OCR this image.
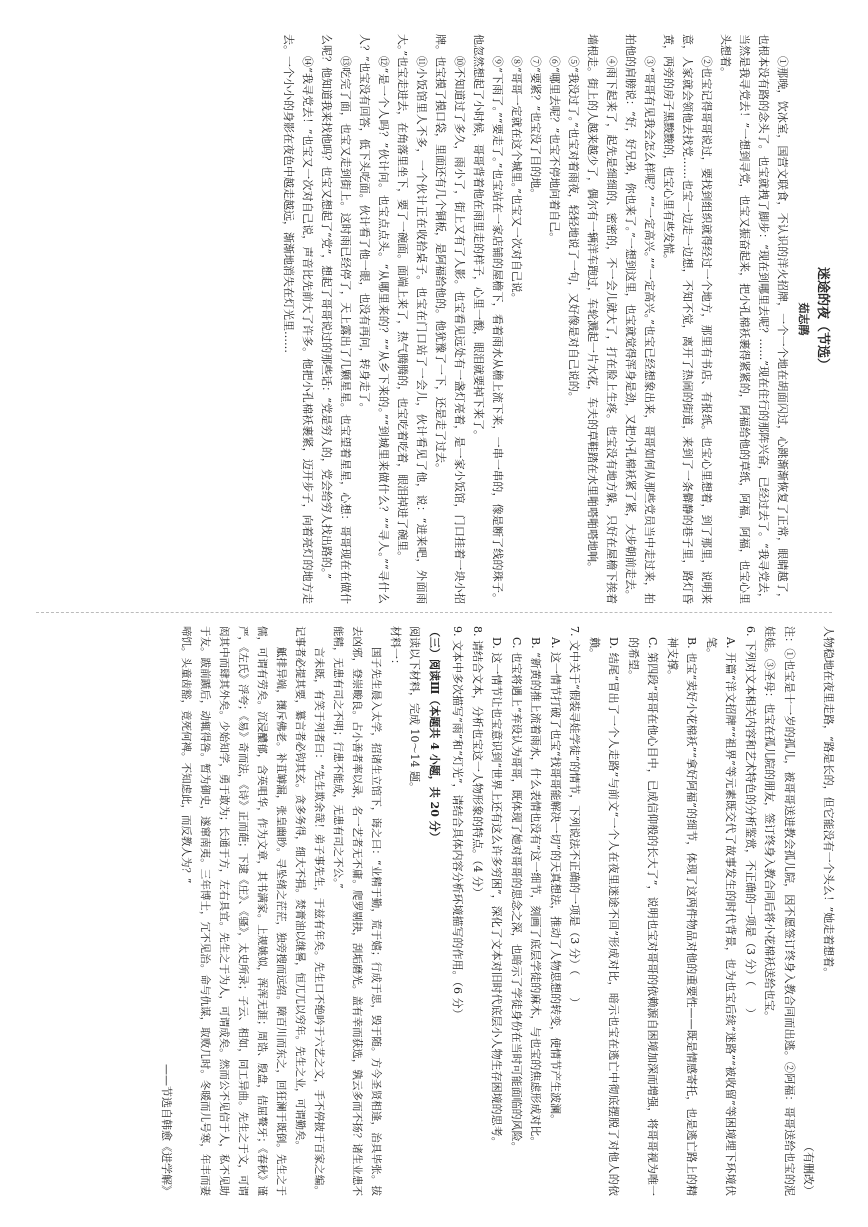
迷途的夜（节选）
茹志鹃

①那晚，饮冰室，国营文联食，不认识的洋火招牌，一个一个地在胡面闪过，心跳渐渐恢复了正常，眼睛越了，也根本没有路的念头了。也宝就拽了脚步：“现在到哪里去呢？……”现在住行的那阵兴奋，已经过去了。“我寻党去，当然是我寻党去！”一想到寻党，也宝又振奋起来，把小孔棉袄裹得紧紧的，阿福给他的草纸，阿福，阿福，也宝心里头想着。

②也宝记得哥哥说过，要找到组织就得经过一个地方，那里有书店、有报纸。也宝心里想着，到了那里，说明来意，人家就会领他去找党……也宝一边走一边想，不知不觉，离开了热闹的街道，来到了一条僻静的巷子里，路灯昏黄，两旁的房子黑黢黢的，也宝心里有些发慌。

③“哥哥有见我会怎么样呢？”“一定高兴。”“一定高兴。”也宝已经想象出来，哥哥如何从那些党员当中走过来，拍拍他的肩膀说：“好，好兄弟，你也来了。”一想到这里，也宝就觉得浑身是劲，又把小孔棉袄紧了紧，大步朝前走去。

④雨下起来了，起先是细细的、密密的，不一会儿就大了，打在脸上生疼。也宝没有地方躲，只好在屋檐下挨着墙根走。街上的人越来越少了，偶尔有一辆洋车跑过，车轮溅起一片水花，车夫的草鞋踏在水里啪嗒啪嗒地响。

⑤“我没过了。”也宝对着雨夜，轻轻地说了一句，又好像是对自己说的。

⑥“哪里去呢？”也宝不停地问着自己。

⑦“要紧？”也宝没了目的地。

⑧“哥哥一定就在这个城里。”也宝又一次对自己说。

⑨“下雨了。”“要走了。”也宝站在一家店铺的屋檐下，看着雨水从檐上流下来，一串一串的，像是断了线的珠子。他忽然想起了小时候，哥哥背着他在雨里走的样子，心里一酸，眼泪就要掉下来了。

⑩不知道过了多久，雨小了，街上又有了人影。也宝看见远处有一盏灯亮着，是一家小饭馆，门口挂着一块小招牌。也宝摸了摸口袋，里面还有几个铜板，是阿福给他的。他犹豫了一下，还是走了过去。

⑪小饭馆里人不多，一个伙计正在收拾桌子。也宝在门口站了一会儿，伙计看见了他，说：“进来吧，外面雨大。”也宝走进去，在角落里坐下，要了一碗面。面端上来了，热气腾腾的，也宝吃着吃着，眼泪掉进了碗里。

⑫“是一个人吗？”伙计问。也宝点点头。“从哪里来的？”“从乡下来的。”“到城里来做什么？”“寻人。”“寻什么人？”也宝没有回答，低下头吃面。伙计看了他一眼，也没有再问，转身走了。

⑬吃完了面，也宝又走到街上。这时雨已经停了，天上露出了几颗星星。也宝望着星星，心想：哥哥现在在做什么呢？他知道我来找他吗？也宝又想起了“党”，想起了哥哥说过的那些话：“党是穷人的，党会给穷人找出路的。”

⑭“我寻党去！”也宝又一次对自己说，声音比先前大了许多。他把小孔棉袄裹紧，迈开步子，向着亮灯的地方走去。一个小小的身影在夜色中越走越远，渐渐地消失在灯光里……

人物稳地在夜里走路，“路是长的，但它能没有一个头么！”她走着想着。

（有删改）

注：①也宝是十一岁的孤儿，被哥哥送进教会孤儿院，因不愿签订终身入教合同而出逃。②阿福：哥哥送给也宝的泥娃娃。③圣母：也宝在孤儿院的朋友，签订终身入教合同后将小花棉袄送给也宝。

6. 下列对文本相关内容和艺术特色的分析鉴赏，不正确的一项是（3 分）（　　）

A. 开篇“洋文招牌”“祖界”等元素既交代了故事发生的时代背景，也为也宝后续“迷路”“被收留”等困境埋下环境伏笔。

B. 也宝“卖好小花棉袄”“拿好阿福”的细节，体现了这两件物品对他的重要性——既是情感寄托，也是逃亡路上的精神支撑。

C. 第四段“哥哥在他心目中，已成信仰般的长大了”，说明也宝对哥哥的依赖源自困境加深而增强，将哥哥视为唯一的希望。

D. 结尾“冒出了一个人走路”与前文“一个人在夜里迷途不回”形成对比，暗示也宝在逃亡中彻底摆脱了对他人的依赖。

7. 文中关于“假装寻娃学徒”的情节，下列说法不正确的一项是（3 分）（　　）

A. 这一情节打破了也宝“找哥哥能解决一切”的天真想法，推动了人物思想的转变，使情节产生波澜。

B. “新黄的推上流着雨水，什么表情也没有”这一细节，刻画了底层学徒的麻木，与也宝的焦虑形成对比。

C. 也宝将遇上“弃设认为哥哥，既体现了她对哥哥的思念之深，也暗示了学徒身份在当时可能面临的风险。

D. 这一情节让也宝意识到“世界上还有这么许多穷困”，深化了文本对旧时代底层小人物生存困境的思考。

8. 请结合文本，分析也宝这一人物形象的特点。（4 分）

9. 文本中多次描写“雨”和“灯光”，请结合具体内容分析环境描写的作用。（6 分）

（三）阅读Ⅲ（本题共 4 小题，共 20 分）

阅读以下材料，完成 10～14 题。

材料一：

国子先生晨入太学，招诸生立馆下，诲之曰：“业精于勤，荒于嬉；行成于思，毁于随。方今圣贤相逢，治具毕张。拔去凶邪，登崇畯良。占小善者率以录，名一艺者无不庸。爬罗剔抉，刮垢磨光。盖有幸而获选，孰云多而不扬？诸生业患不能精，无患有司之不明；行患不能成，无患有司之不公。”

言未既，有笑于列者曰：“先生欺余哉！弟子事先生，于兹有年矣。先生口不绝吟于六艺之文，手不停披于百家之编。记事者必提其要，纂言者必钩其玄。贪多务得，细大不捐。焚膏油以继晷，恒兀兀以穷年。先生之业，可谓勤矣。

觝排异端，攘斥佛老。补苴罅漏，张皇幽眇。寻坠绪之茫茫，独旁搜而远绍。障百川而东之，回狂澜于既倒。先生之于儒，可谓有劳矣。沉浸醲郁，含英咀华，作为文章，其书满家。上规姚姒，浑浑无涯；周诰、殷盘，佶屈聱牙；《春秋》谨严，《左氏》浮夸；《易》奇而法，《诗》正而葩；下逮《庄》、《骚》，太史所录；子云、相如，同工异曲。先生之于文，可谓闳其中而肆其外矣。少始知学，勇于敢为；长通于方，左右具宜。先生之于为人，可谓成矣。然而公不见信于人，私不见助于友。跋前踬后，动辄得咎。暂为御史，遂窜南夷。三年博士，冗不见治。命与仇谋，取败几时。冬暖而儿号寒，年丰而妻啼饥。头童齿豁，竟死何裨。不知虑此，而反教人为？”

——节选自韩愈《进学解》
